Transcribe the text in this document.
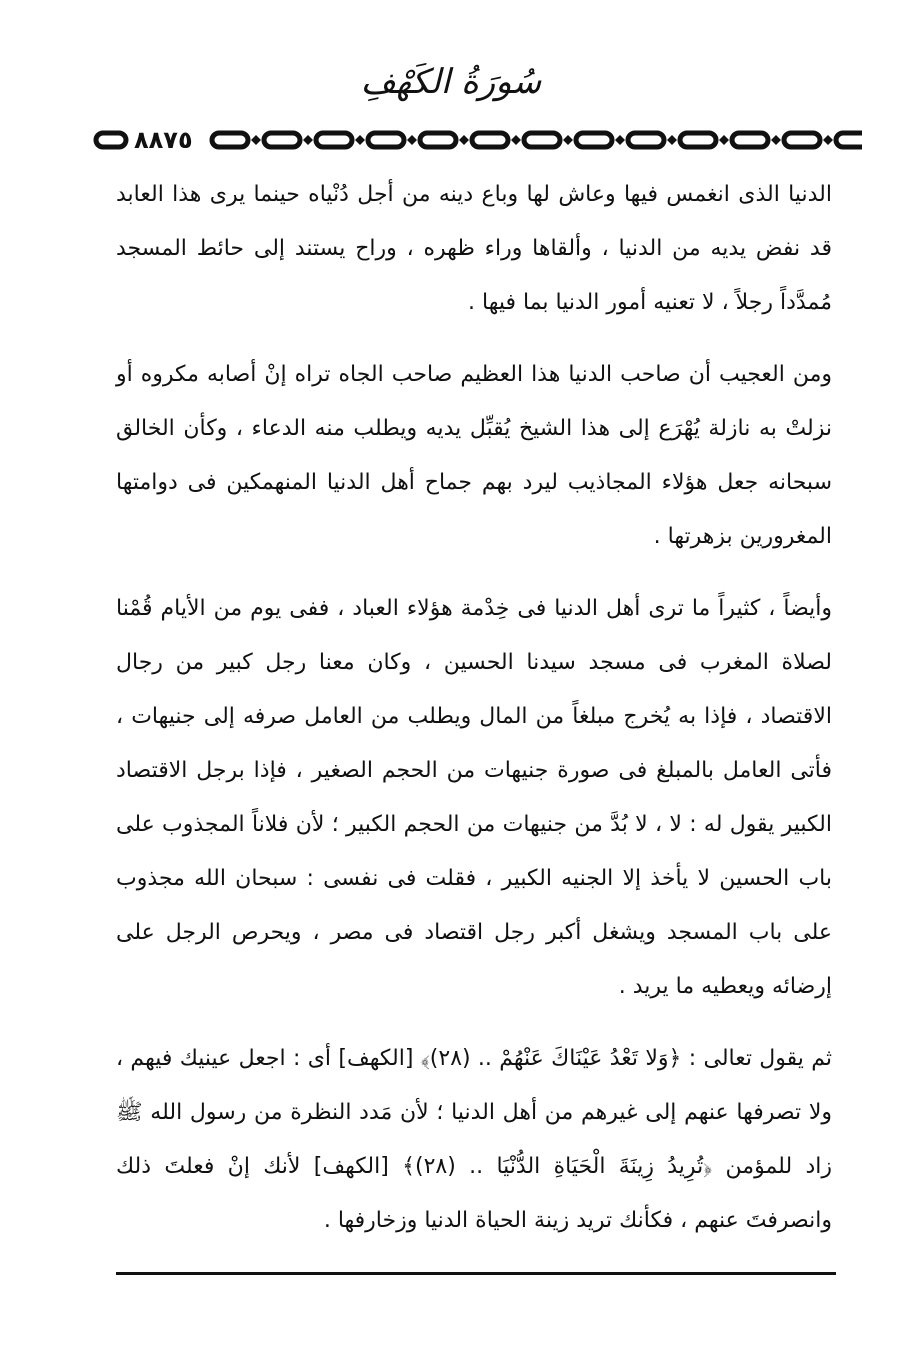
سُورَةُ الكَهْفِ
٨٨٧٥

الدنيا الذى انغمس فيها وعاش لها وباع دينه من أجل دُنْياه حينما يرى هذا العابد قد نفض يديه من الدنيا ، وألقاها وراء ظهره ، وراح يستند إلى حائط المسجد مُمدَّداً رجلاً ، لا تعنيه أمور الدنيا بما فيها .

ومن العجيب أن صاحب الدنيا هذا العظيم صاحب الجاه تراه إنْ أصابه مكروه أو نزلتْ به نازلة يُهْرَع إلى هذا الشيخ يُقبِّل يديه ويطلب منه الدعاء ، وكأن الخالق سبحانه جعل هؤلاء المجاذيب ليرد بهم جماح أهل الدنيا المنهمكين فى دوامتها المغرورين بزهرتها .

وأيضاً ، كثيراً ما ترى أهل الدنيا فى خِدْمة هؤلاء العباد ، ففى يوم من الأيام قُمْنا لصلاة المغرب فى مسجد سيدنا الحسين ، وكان معنا رجل كبير من رجال الاقتصاد ، فإذا به يُخرج مبلغاً من المال ويطلب من العامل صرفه إلى جنيهات ، فأتى العامل بالمبلغ فى صورة جنيهات من الحجم الصغير ، فإذا برجل الاقتصاد الكبير يقول له : لا ، لا بُدَّ من جنيهات من الحجم الكبير ؛ لأن فلاناً المجذوب على باب الحسين لا يأخذ إلا الجنيه الكبير ، فقلت فى نفسى : سبحان الله مجذوب على باب المسجد ويشغل أكبر رجل اقتصاد فى مصر ، ويحرص الرجل على إرضائه ويعطيه ما يريد .

ثم يقول تعالى : ﴿وَلا تَعْدُ عَيْنَاكَ عَنْهُمْ .. (٢٨)﴾ [الكهف] أى : اجعل عينيك فيهم ، ولا تصرفها عنهم إلى غيرهم من أهل الدنيا ؛ لأن مَدد النظرة من رسول الله ﷺ زاد للمؤمن ﴿تُرِيدُ زِينَةَ الْحَيَاةِ الدُّنْيَا .. (٢٨)﴾ [الكهف] لأنك إنْ فعلتَ ذلك وانصرفتَ عنهم ، فكأنك تريد زينة الحياة الدنيا وزخارفها .
